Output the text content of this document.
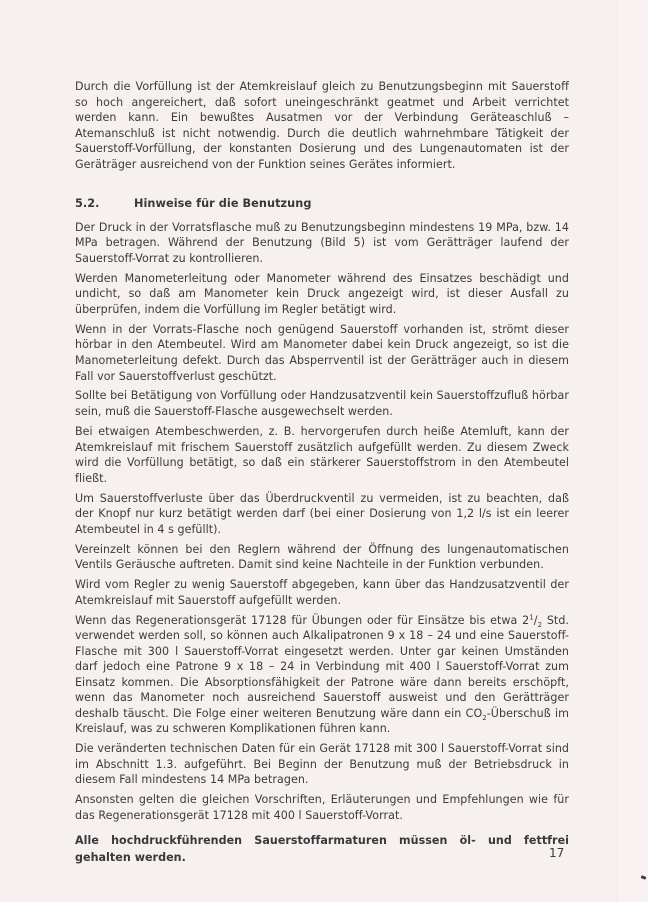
Durch die Vorfüllung ist der Atemkreislauf gleich zu Benutzungsbeginn mit Sauerstoff so hoch angereichert, daß sofort uneingeschränkt geatmet und Arbeit verrichtet werden kann. Ein bewußtes Ausatmen vor der Verbindung Geräteaschluß – Atemanschluß ist nicht notwendig. Durch die deutlich wahrnehmbare Tätigkeit der Sauerstoff-Vorfüllung, der konstanten Dosierung und des Lungenautomaten ist der Geräträger ausreichend von der Funktion seines Gerätes informiert.

5.2.	Hinweise für die Benutzung

Der Druck in der Vorratsflasche muß zu Benutzungsbeginn mindestens 19 MPa, bzw. 14 MPa betragen. Während der Benutzung (Bild 5) ist vom Gerätträger laufend der Sauerstoff-Vorrat zu kontrollieren.

Werden Manometerleitung oder Manometer während des Einsatzes beschädigt und undicht, so daß am Manometer kein Druck angezeigt wird, ist dieser Ausfall zu überprüfen, indem die Vorfüllung im Regler betätigt wird.

Wenn in der Vorrats-Flasche noch genügend Sauerstoff vorhanden ist, strömt dieser hörbar in den Atembeutel. Wird am Manometer dabei kein Druck angezeigt, so ist die Manometerleitung defekt. Durch das Absperrventil ist der Gerätträger auch in diesem Fall vor Sauerstoffverlust geschützt.

Sollte bei Betätigung von Vorfüllung oder Handzusatzventil kein Sauerstoffzufluß hörbar sein, muß die Sauerstoff-Flasche ausgewechselt werden.

Bei etwaigen Atembeschwerden, z. B. hervorgerufen durch heiße Atemluft, kann der Atemkreislauf mit frischem Sauerstoff zusätzlich aufgefüllt werden. Zu diesem Zweck wird die Vorfüllung betätigt, so daß ein stärkerer Sauerstoffstrom in den Atembeutel fließt.

Um Sauerstoffverluste über das Überdruckventil zu vermeiden, ist zu beachten, daß der Knopf nur kurz betätigt werden darf (bei einer Dosierung von 1,2 l/s ist ein leerer Atembeutel in 4 s gefüllt).

Vereinzelt können bei den Reglern während der Öffnung des lungenautomatischen Ventils Geräusche auftreten. Damit sind keine Nachteile in der Funktion verbunden.

Wird vom Regler zu wenig Sauerstoff abgegeben, kann über das Handzusatzventil der Atemkreislauf mit Sauerstoff aufgefüllt werden.

Wenn das Regenerationsgerät 17128 für Übungen oder für Einsätze bis etwa $2^1/_2$ Std. verwendet werden soll, so können auch Alkalipatronen 9 x 18 – 24 und eine Sauerstoff-Flasche mit 300 l Sauerstoff-Vorrat eingesetzt werden. Unter gar keinen Umständen darf jedoch eine Patrone 9 x 18 – 24 in Verbindung mit 400 l Sauerstoff-Vorrat zum Einsatz kommen. Die Absorptionsfähigkeit der Patrone wäre dann bereits erschöpft, wenn das Manometer noch ausreichend Sauerstoff ausweist und den Gerätträger deshalb täuscht. Die Folge einer weiteren Benutzung wäre dann ein $CO_2$-Überschuß im Kreislauf, was zu schweren Komplikationen führen kann.

Die veränderten technischen Daten für ein Gerät 17128 mit 300 l Sauerstoff-Vorrat sind im Abschnitt 1.3. aufgeführt. Bei Beginn der Benutzung muß der Betriebsdruck in diesem Fall mindestens 14 MPa betragen.

Ansonsten gelten die gleichen Vorschriften, Erläuterungen und Empfehlungen wie für das Regenerationsgerät 17128 mit 400 l Sauerstoff-Vorrat.

Alle hochdruckführenden Sauerstoffarmaturen müssen öl- und fettfrei gehalten werden.	17
